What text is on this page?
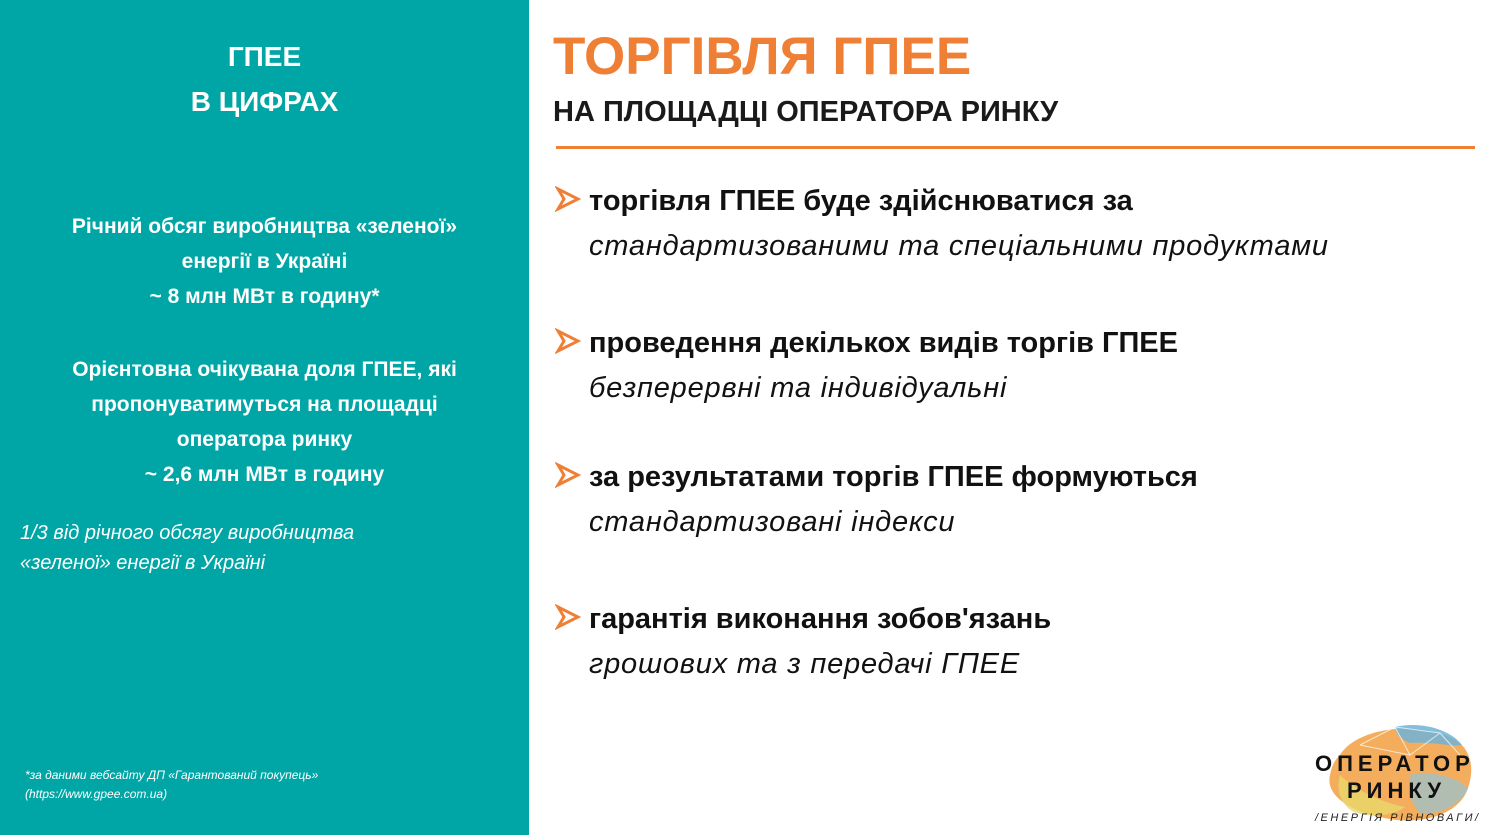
ГПЕЕ
В ЦИФРАХ
Річний обсяг виробництва «зеленої»
енергії в Україні
~ 8 млн МВт в годину*
Орієнтовна очікувана доля ГПЕЕ, які
пропонуватимуться на площадці
оператора ринку
~ 2,6 млн МВт в годину
1/3 від річного обсягу виробництва
«зеленої» енергії в Україні
*за даними вебсайту ДП «Гарантований покупець»
(https://www.gpee.com.ua)
ТОРГІВЛЯ ГПЕЕ
НА ПЛОЩАДЦІ ОПЕРАТОРА РИНКУ
торгівля ГПЕЕ буде здійснюватися за
стандартизованими та спеціальними продуктами
проведення декількох видів торгів ГПЕЕ
безперервні та індивідуальні
за результатами торгів ГПЕЕ формуються
стандартизовані індекси
гарантія виконання зобов'язань
грошових та з передачі ГПЕЕ
ОПЕРАТОР
РИНКУ
/ЕНЕРГІЯ РІВНОВАГИ/
